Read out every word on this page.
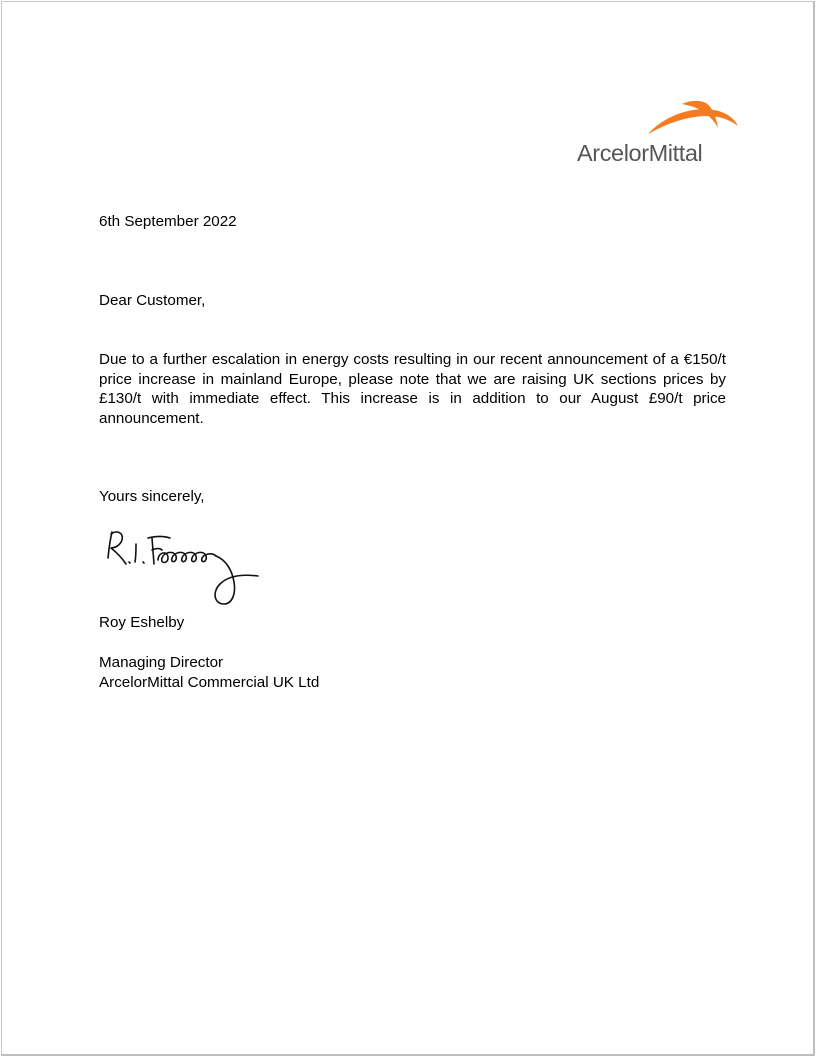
ArcelorMittal
6th September 2022
Dear Customer,
Due to a further escalation in energy costs resulting in our recent announcement of a €150/t price increase in mainland Europe, please note that we are raising UK sections prices by £130/t with immediate effect. This increase is in addition to our August £90/t price announcement.
Yours sincerely,
Roy Eshelby
Managing Director
ArcelorMittal Commercial UK Ltd
